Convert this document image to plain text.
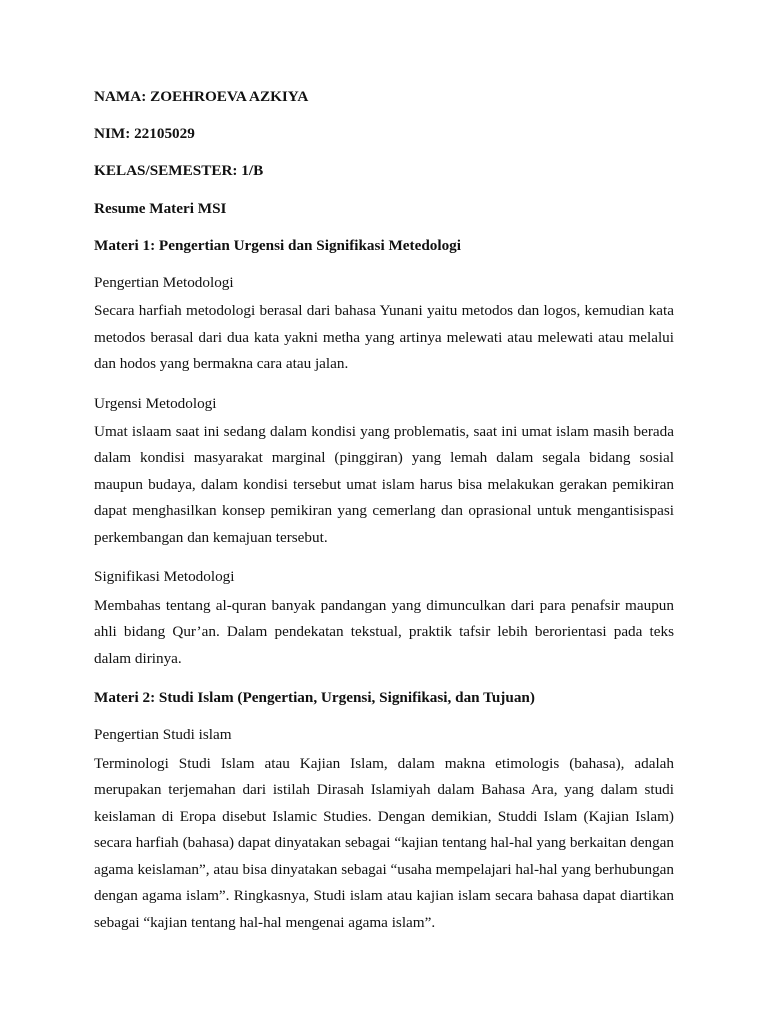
NAMA: ZOEHROEVA AZKIYA

NIM: 22105029

KELAS/SEMESTER: 1/B

Resume Materi MSI

Materi 1: Pengertian Urgensi dan Signifikasi Metedologi

Pengertian Metodologi

Secara harfiah metodologi berasal dari bahasa Yunani yaitu metodos dan logos, kemudian kata metodos berasal dari dua kata yakni metha yang artinya melewati atau melewati atau melalui dan hodos yang bermakna cara atau jalan.

Urgensi Metodologi

Umat islaam saat ini sedang dalam kondisi yang problematis, saat ini umat islam masih berada dalam kondisi masyarakat marginal (pinggiran) yang lemah dalam segala bidang sosial maupun budaya, dalam kondisi tersebut umat islam harus bisa melakukan gerakan pemikiran dapat menghasilkan konsep pemikiran yang cemerlang dan oprasional untuk mengantisispasi perkembangan dan kemajuan tersebut.

Signifikasi Metodologi

Membahas tentang al-quran banyak pandangan yang dimunculkan dari para penafsir maupun ahli bidang Qur’an. Dalam pendekatan tekstual, praktik tafsir lebih berorientasi pada teks dalam dirinya.

Materi 2: Studi Islam (Pengertian, Urgensi, Signifikasi, dan Tujuan)

Pengertian Studi islam

Terminologi Studi Islam atau Kajian Islam, dalam makna etimologis (bahasa), adalah merupakan terjemahan dari istilah Dirasah Islamiyah dalam Bahasa Ara, yang dalam studi keislaman di Eropa disebut Islamic Studies. Dengan demikian, Studdi Islam (Kajian Islam) secara harfiah (bahasa) dapat dinyatakan sebagai “kajian tentang hal-hal yang berkaitan dengan agama keislaman”, atau bisa dinyatakan sebagai “usaha mempelajari hal-hal yang berhubungan dengan agama islam”. Ringkasnya, Studi islam atau kajian islam secara bahasa dapat diartikan sebagai “kajian tentang hal-hal mengenai agama islam”.
